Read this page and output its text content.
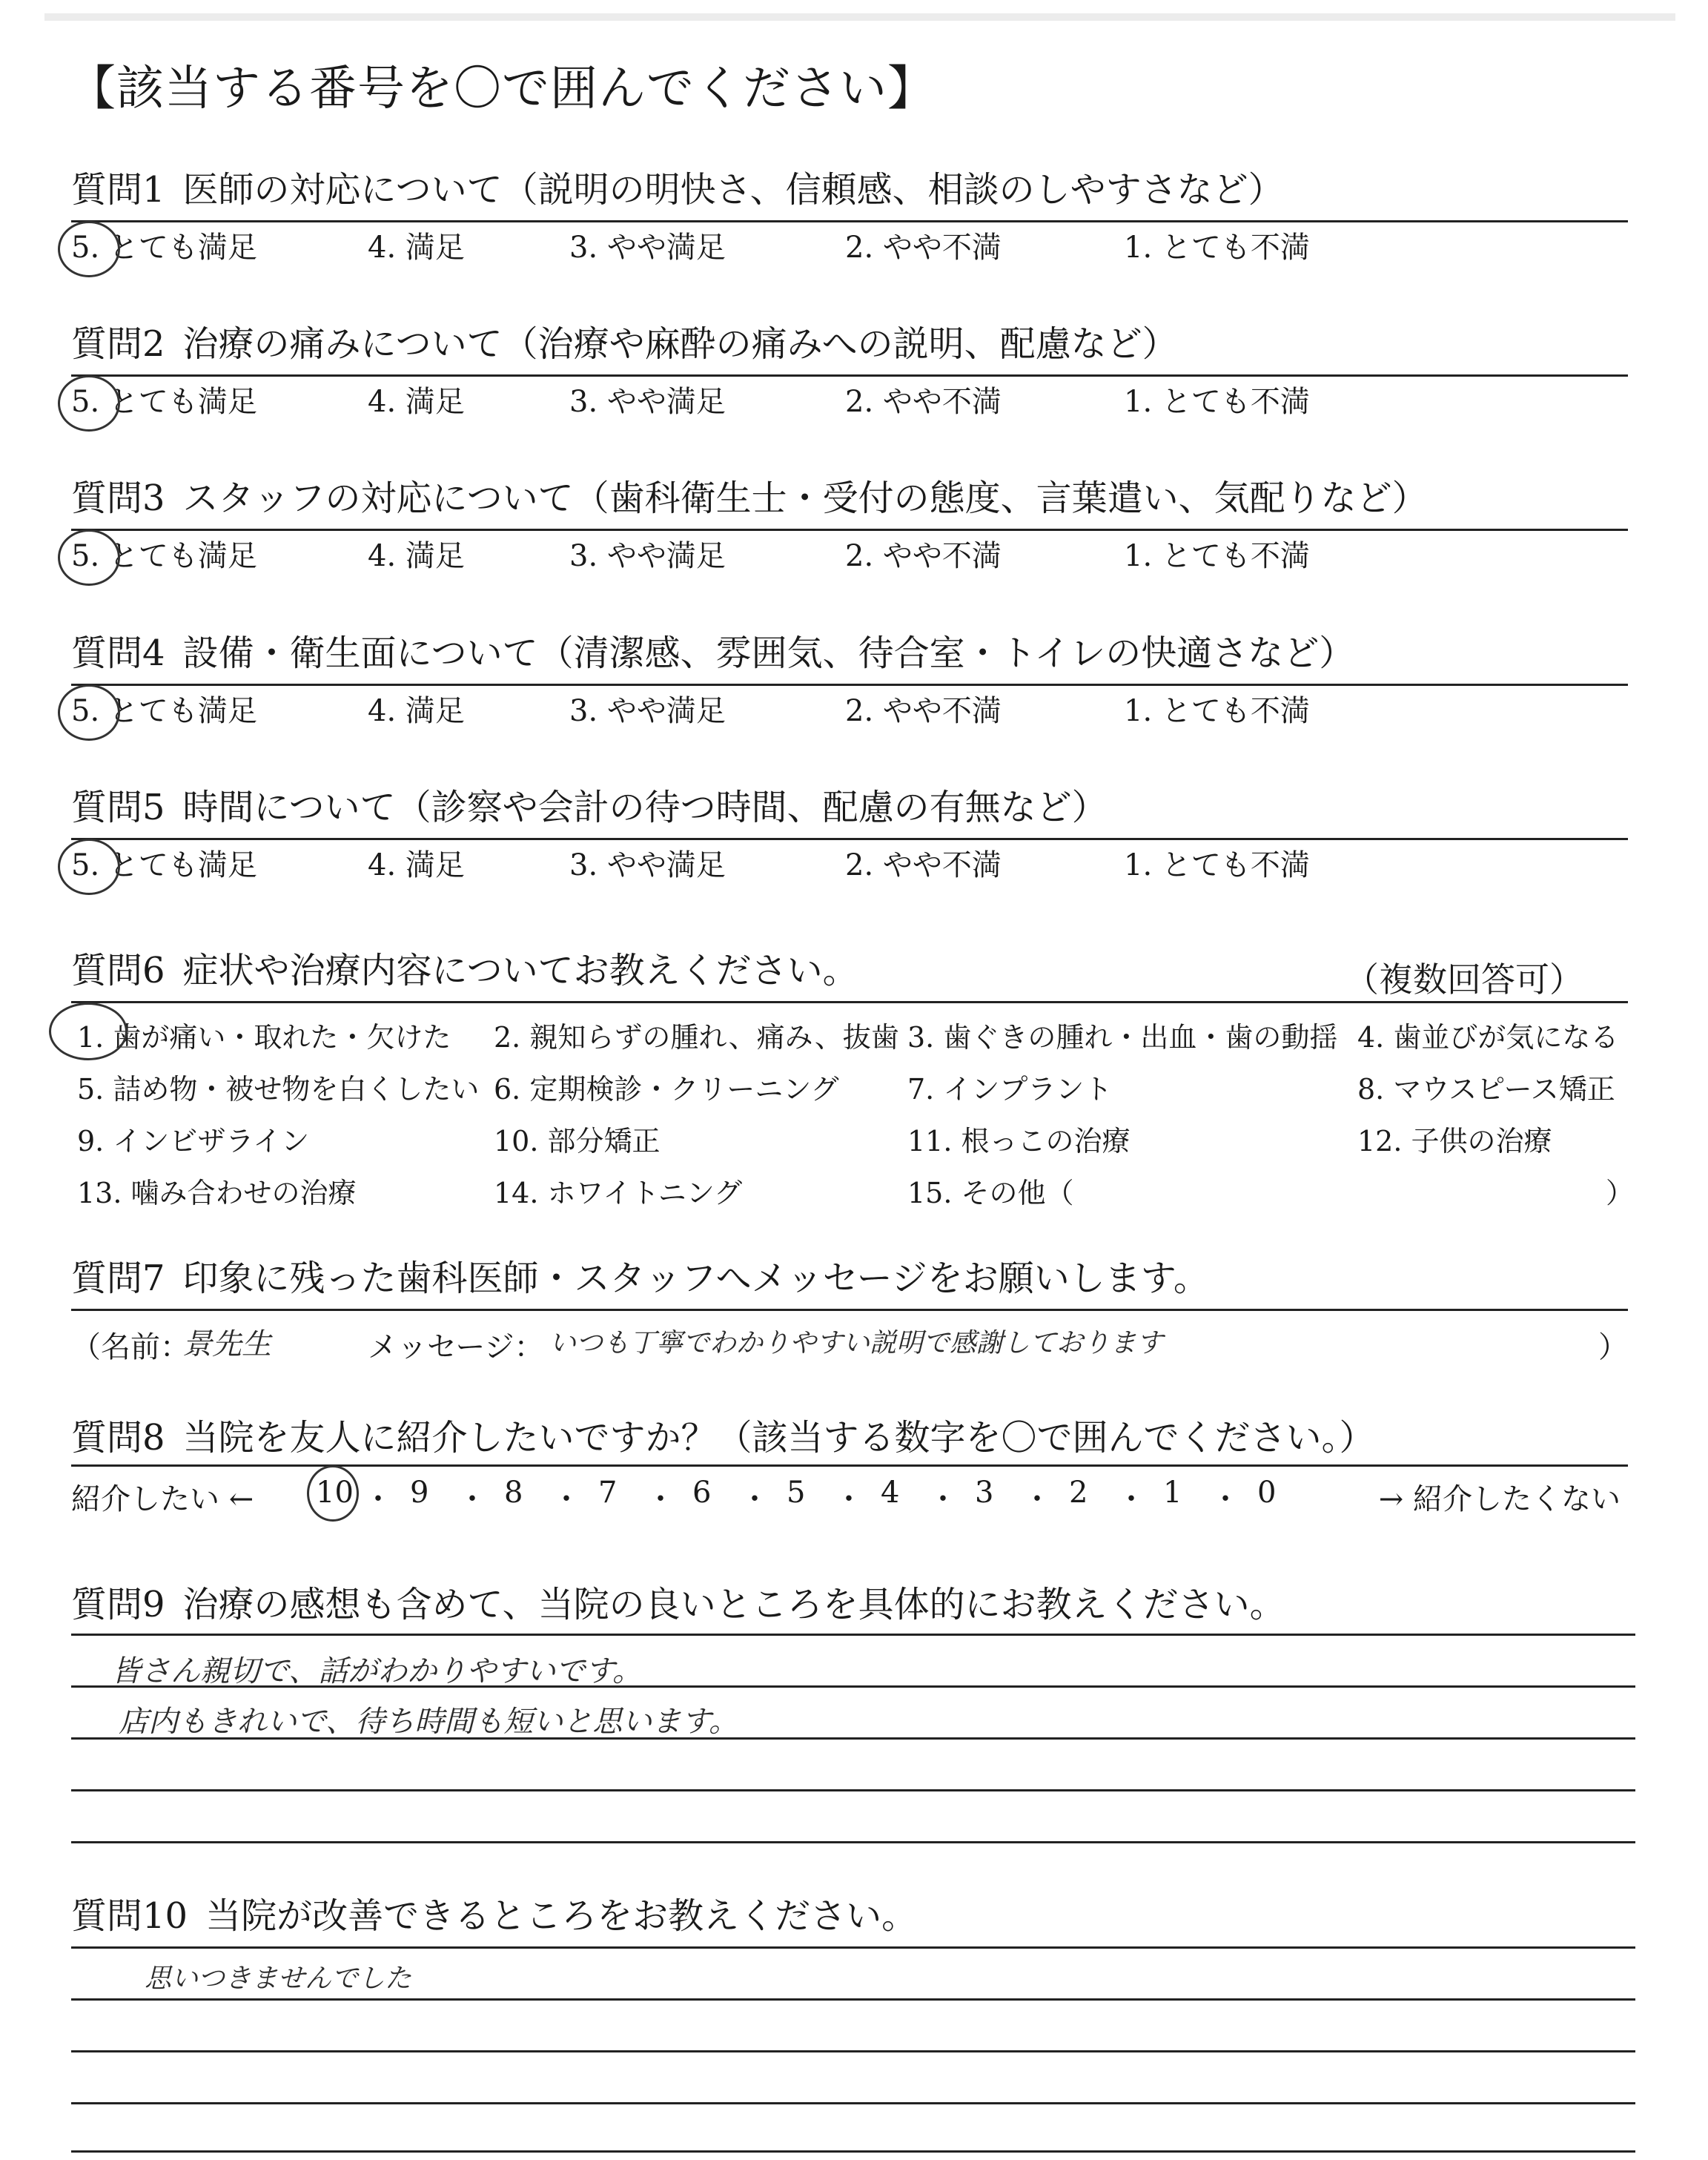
【該当する番号を〇で囲んでください】
質問1 医師の対応について（説明の明快さ、信頼感、相談のしやすさなど）
5. とても満足	4. 満足	3. やや満足	2. やや不満	1. とても不満
質問2 治療の痛みについて（治療や麻酔の痛みへの説明、配慮など）
5. とても満足	4. 満足	3. やや満足	2. やや不満	1. とても不満
質問3 スタッフの対応について（歯科衛生士・受付の態度、言葉遣い、気配りなど）
5. とても満足	4. 満足	3. やや満足	2. やや不満	1. とても不満
質問4 設備・衛生面について（清潔感、雰囲気、待合室・トイレの快適さなど）
5. とても満足	4. 満足	3. やや満足	2. やや不満	1. とても不満
質問5 時間について（診察や会計の待つ時間、配慮の有無など）
5. とても満足	4. 満足	3. やや満足	2. やや不満	1. とても不満
質問6 症状や治療内容についてお教えください。	（複数回答可）
1. 歯が痛い・取れた・欠けた 2. 親知らずの腫れ、痛み、抜歯 3. 歯ぐきの腫れ・出血・歯の動揺 4. 歯並びが気になる
5. 詰め物・被せ物を白くしたい 6. 定期検診・クリーニング 7. インプラント	8. マウスピース矯正
9. インビザライン	10. 部分矯正	11. 根っこの治療	12. 子供の治療
13. 噛み合わせの治療	14. ホワイトニング	15. その他（	）
質問7 印象に残った歯科医師・スタッフへメッセージをお願いします。
（名前：
景先生	メッセージ： いつも丁寧でわかりやすい説明で感謝しております	）
質問8 当院を友人に紹介したいですか？（該当する数字を〇で囲んでください。）
紹介したい ←	→ 紹介したくない
10 ・ 9 ・ 8 ・ 7 ・ 6 ・ 5 ・ 4 ・ 3 ・ 2 ・ 1 ・ 0
質問9 治療の感想も含めて、当院の良いところを具体的にお教えください。
皆さん親切で、話がわかりやすいです。
店内もきれいで、待ち時間も短いと思います。
質問10 当院が改善できるところをお教えください。
思いつきませんでした
